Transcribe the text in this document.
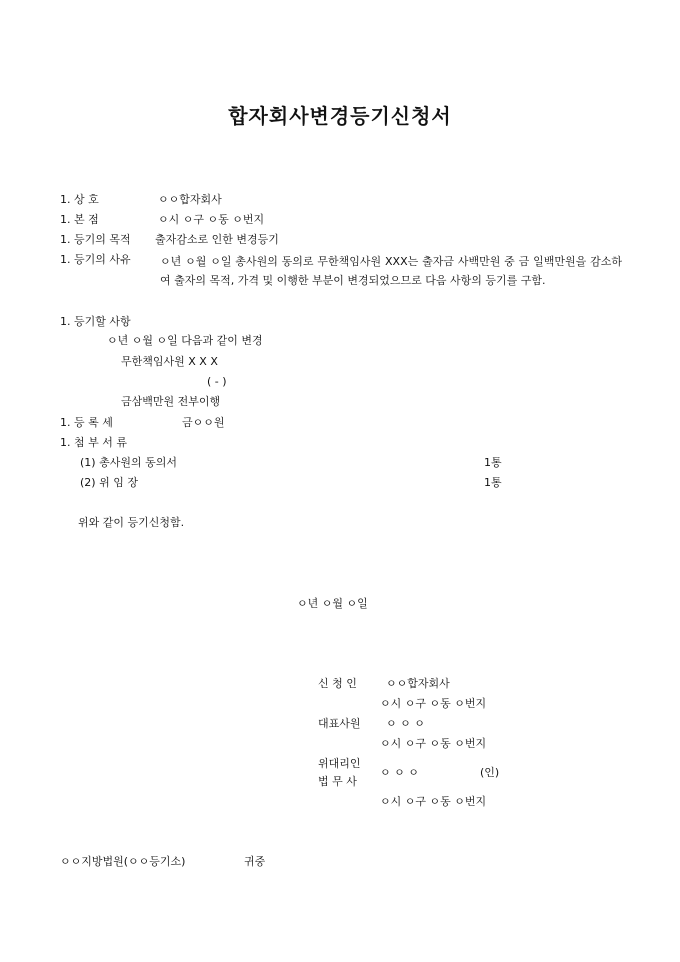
합자회사변경등기신청서
1. 상 호	ㅇㅇ합자회사
1. 본 점	ㅇ시 ㅇ구 ㅇ동 ㅇ번지
1. 등기의 목적 출자감소로 인한 변경등기
1. 등기의 사유	ㅇ년 ㅇ월 ㅇ일 총사원의 동의로 무한책임사원 XXX는 출자금 사백만원 중 금 일백만원을 감소하여 출자의 목적, 가격 및 이행한 부분이 변경되었으므로 다음 사항의 등기를 구함.
1. 등기할 사항
ㅇ년 ㅇ월 ㅇ일 다음과 같이 변경
무한책임사원 X X X
( - )
금삼백만원 전부이행
1. 등 록 세	금ㅇㅇ원
1. 첨 부 서 류
(1) 총사원의 동의서	1통
(2) 위 임 장	1통
위와 같이 등기신청함.
ㅇ년 ㅇ월 ㅇ일
신 청 인	ㅇㅇ합자회사
ㅇ시 ㅇ구 ㅇ동 ㅇ번지
대표사원 ㅇ ㅇ ㅇ
ㅇ시 ㅇ구 ㅇ동 ㅇ번지
위대리인
법 무 사
ㅇ ㅇ ㅇ	(인)
ㅇ시 ㅇ구 ㅇ동 ㅇ번지
ㅇㅇ지방법원(ㅇㅇ등기소)	귀중
